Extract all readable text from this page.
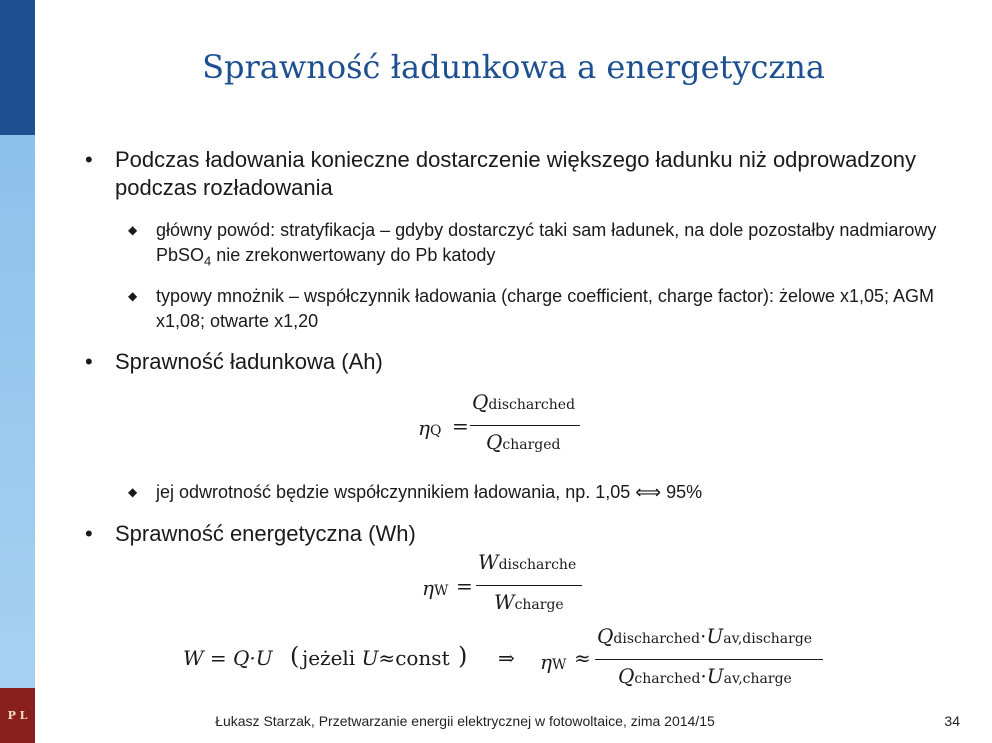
P L
Sprawność ładunkowa a energetyczna
• Podczas ładowania konieczne dostarczenie większego ładunku niż odprowadzony podczas rozładowania
◆ główny powód: stratyfikacja – gdyby dostarczyć taki sam ładunek, na dole pozostałby nadmiarowy PbSO$_4$ nie zrekonwertowany do Pb katody
◆ typowy mnożnik – współczynnik ładowania (charge coefficient, charge factor): żelowe x1,05; AGM x1,08; otwarte x1,20
• Sprawność ładunkowa (Ah)
ηQ =
Qdischarched
Qcharged
◆ jej odwrotność będzie współczynnikiem ładowania, np. 1,05 ⟺ 95%
• Sprawność energetyczna (Wh)
ηW =
Wdischarche
Wcharge
W = Q·U ( jeżeli U≈const ) ⇒ ηW ≈
Qdischarched·Uav,discharge
Qcharched·Uav,charge
Łukasz Starzak, Przetwarzanie energii elektrycznej w fotowoltaice, zima 2014/15	34
